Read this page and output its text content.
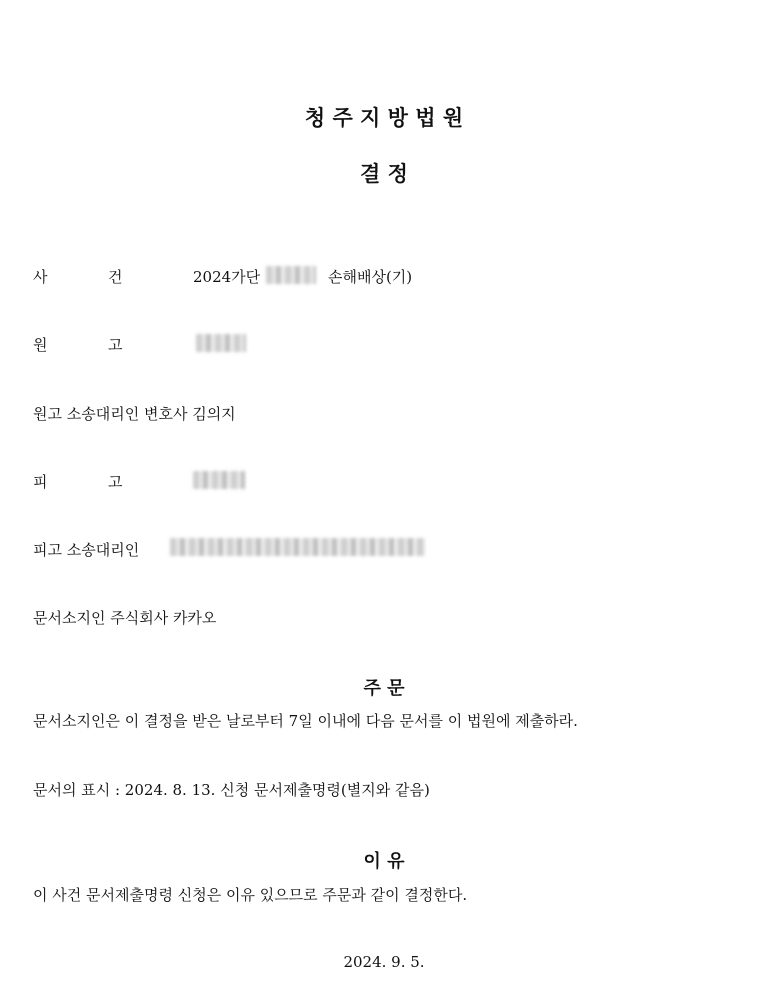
청 주 지 방 법 원
결 정
사	건	2024가단	손해배상(기)
원	고
원고 소송대리인 변호사 김의지
피	고
피고 소송대리인
문서소지인 주식회사 카카오
주 문
문서소지인은 이 결정을 받은 날로부터 7일 이내에 다음 문서를 이 법원에 제출하라.
문서의 표시 : 2024. 8. 13. 신청 문서제출명령(별지와 같음)
이 유
이 사건 문서제출명령 신청은 이유 있으므로 주문과 같이 결정한다.
2024. 9. 5.
